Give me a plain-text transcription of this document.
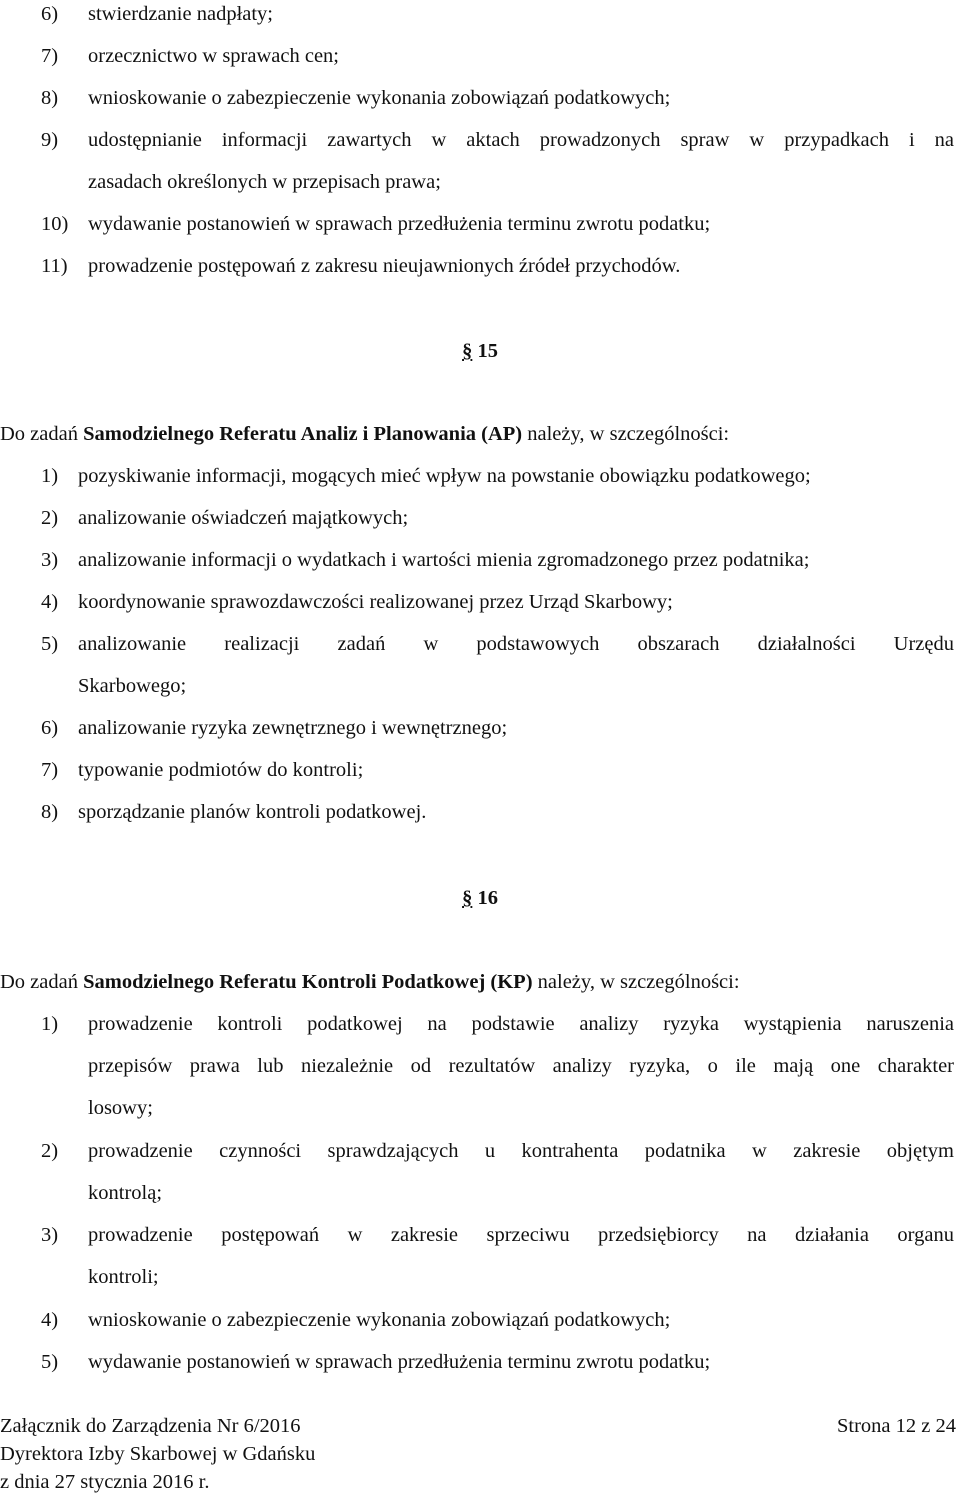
6) stwierdzanie nadpłaty;
7) orzecznictwo w sprawach cen;
8) wnioskowanie o zabezpieczenie wykonania zobowiązań podatkowych;
9) udostępnianie informacji zawartych w aktach prowadzonych spraw w przypadkach i na
zasadach określonych w przepisach prawa;
10) wydawanie postanowień w sprawach przedłużenia terminu zwrotu podatku;
11) prowadzenie postępowań z zakresu nieujawnionych źródeł przychodów.
§ 15
Do zadań Samodzielnego Referatu Analiz i Planowania (AP) należy, w szczególności:
1) pozyskiwanie informacji, mogących mieć wpływ na powstanie obowiązku podatkowego;
2) analizowanie oświadczeń majątkowych;
3) analizowanie informacji o wydatkach i wartości mienia zgromadzonego przez podatnika;
4) koordynowanie sprawozdawczości realizowanej przez Urząd Skarbowy;
5) analizowanie realizacji zadań w podstawowych obszarach działalności Urzędu
Skarbowego;
6) analizowanie ryzyka zewnętrznego i wewnętrznego;
7) typowanie podmiotów do kontroli;
8) sporządzanie planów kontroli podatkowej.
§ 16
Do zadań Samodzielnego Referatu Kontroli Podatkowej (KP) należy, w szczególności:
1) prowadzenie kontroli podatkowej na podstawie analizy ryzyka wystąpienia naruszenia
przepisów prawa lub niezależnie od rezultatów analizy ryzyka, o ile mają one charakter
losowy;
2) prowadzenie czynności sprawdzających u kontrahenta podatnika w zakresie objętym
kontrolą;
3) prowadzenie postępowań w zakresie sprzeciwu przedsiębiorcy na działania organu
kontroli;
4) wnioskowanie o zabezpieczenie wykonania zobowiązań podatkowych;
5) wydawanie postanowień w sprawach przedłużenia terminu zwrotu podatku;
Załącznik do Zarządzenia Nr 6/2016
Dyrektora Izby Skarbowej w Gdańsku
z dnia 27 stycznia 2016 r.
Strona 12 z 24
